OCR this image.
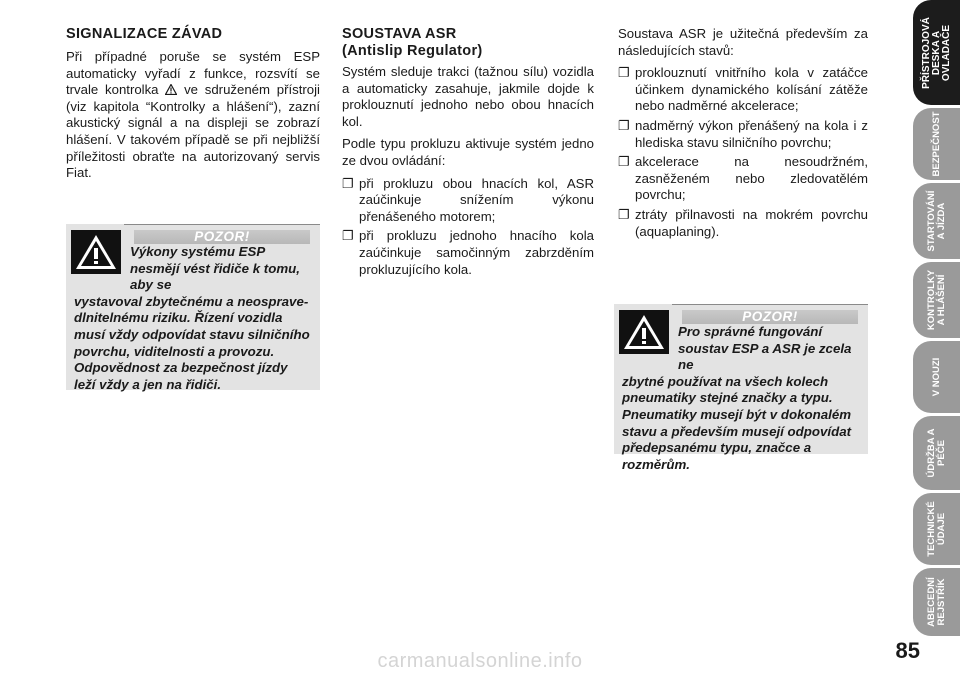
SIGNALIZACE ZÁVAD

Při případné poruše se systém ESP automaticky vyřadí z funkce, rozsvítí se trvale kontrolka ve sdruženém přístroji (viz kapitola “Kontrolky a hlášení“), zazní akustický signál a na displeji se zobrazí hlášení. V takovém případě se při nejbližší příležitosti obraťte na autorizovaný servis Fiat.

POZOR!
Výkony systému ESP nesmějí vést řidiče k tomu, aby se
vystavoval zbytečnému a neospravedlnitelnému riziku. Řízení vozidla musí vždy odpovídat stavu silničního povrchu, viditelnosti a provozu. Odpovědnost za bezpečnost jízdy leží vždy a jen na řidiči.
SOUSTAVA ASR
(Antislip Regulator)

Systém sleduje trakci (tažnou sílu) vozidla a automaticky zasahuje, jakmile dojde k proklouznutí jednoho nebo obou hnacích kol.

Podle typu prokluzu aktivuje systém jedno ze dvou ovládání:

❐ při prokluzu obou hnacích kol, ASR zaúčinkuje snížením výkonu přenášeného motorem;
❐ při prokluzu jednoho hnacího kola zaúčinkuje samočinným zabrzděním prokluzujícího kola.

Soustava ASR je užitečná především za následujících stavů:

❐ proklouznutí vnitřního kola v zatáčce účinkem dynamického kolísání zátěže nebo nadměrné akcelerace;
❐ nadměrný výkon přenášený na kola i z hlediska stavu silničního povrchu;
❐ akcelerace na nesoudržném, zasněženém nebo zledovatělém povrchu;
❐ ztráty přilnavosti na mokrém povrchu (aquaplaning).
POZOR!
Pro správné fungování soustav ESP a ASR je zcela ne
zbytné používat na všech kolech pneumatiky stejné značky a typu. Pneumatiky musejí být v dokonalém stavu a především musejí odpovídat předepsanému typu, značce a rozměrům.
PŘÍSTROJOVÁ
DESKA A
OVLADAČE
BEZPEČNOST
STARTOVÁNÍ
A JÍZDA
KONTROLKY
A HLÁŠENÍ
V NOUZI
ÚDRŽBA A
PÉČE
TECHNICKÉ
ÚDAJE
ABECEDNÍ
REJSTŘÍK
85
carmanualsonline.info
